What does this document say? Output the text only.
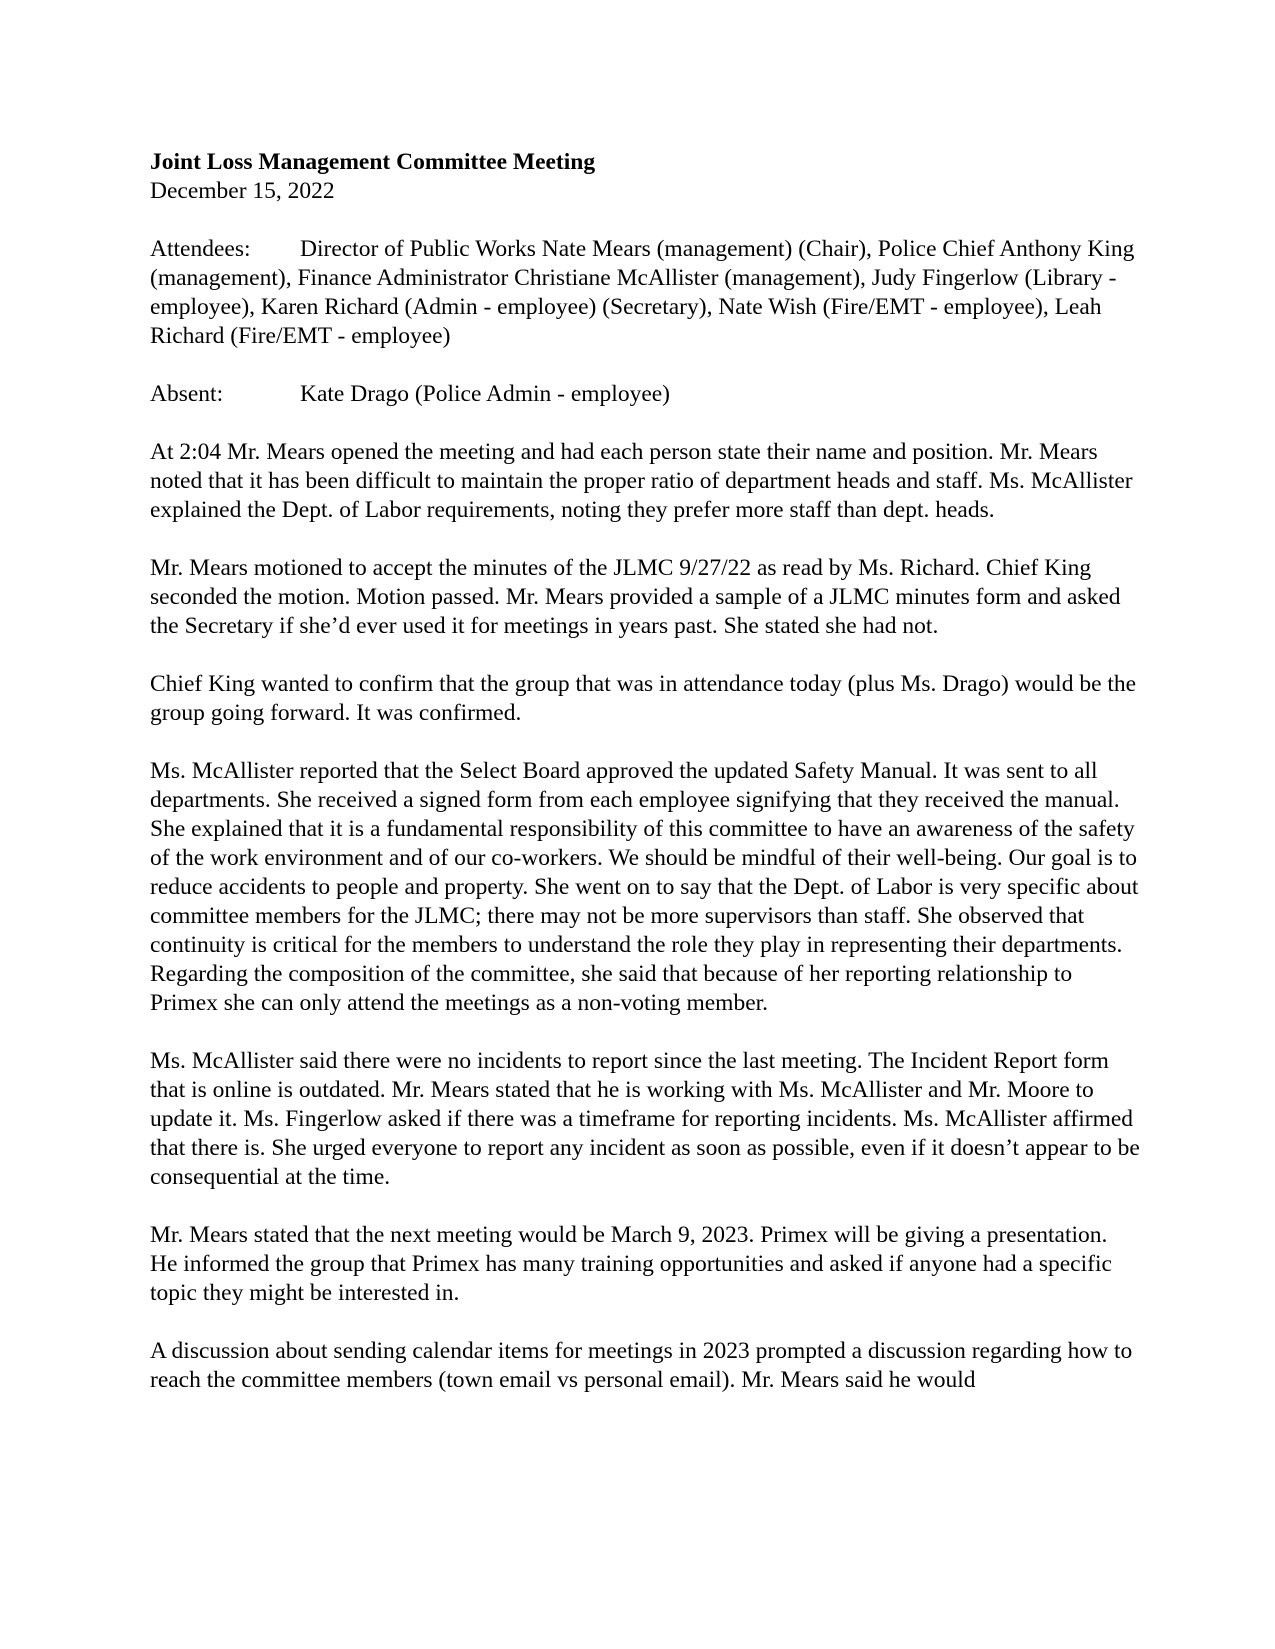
Joint Loss Management Committee Meeting
December 15, 2022
Attendees: Director of Public Works Nate Mears (management) (Chair), Police Chief Anthony King (management), Finance Administrator Christiane McAllister (management), Judy Fingerlow (Library - employee), Karen Richard (Admin - employee) (Secretary), Nate Wish (Fire/EMT - employee), Leah Richard (Fire/EMT - employee)
Absent:	Kate Drago (Police Admin - employee)

At 2:04 Mr. Mears opened the meeting and had each person state their name and position. Mr. Mears noted that it has been difficult to maintain the proper ratio of department heads and staff. Ms. McAllister explained the Dept. of Labor requirements, noting they prefer more staff than dept. heads.

Mr. Mears motioned to accept the minutes of the JLMC 9/27/22 as read by Ms. Richard. Chief King seconded the motion. Motion passed. Mr. Mears provided a sample of a JLMC minutes form and asked the Secretary if she’d ever used it for meetings in years past. She stated she had not.

Chief King wanted to confirm that the group that was in attendance today (plus Ms. Drago) would be the group going forward. It was confirmed.

Ms. McAllister reported that the Select Board approved the updated Safety Manual. It was sent to all departments. She received a signed form from each employee signifying that they received the manual. She explained that it is a fundamental responsibility of this committee to have an awareness of the safety of the work environment and of our co-workers. We should be mindful of their well-being. Our goal is to reduce accidents to people and property. She went on to say that the Dept. of Labor is very specific about committee members for the JLMC; there may not be more supervisors than staff. She observed that continuity is critical for the members to understand the role they play in representing their departments. Regarding the composition of the committee, she said that because of her reporting relationship to Primex she can only attend the meetings as a non-voting member.

Ms. McAllister said there were no incidents to report since the last meeting. The Incident Report form that is online is outdated. Mr. Mears stated that he is working with Ms. McAllister and Mr. Moore to update it. Ms. Fingerlow asked if there was a timeframe for reporting incidents. Ms. McAllister affirmed that there is. She urged everyone to report any incident as soon as possible, even if it doesn’t appear to be consequential at the time.

Mr. Mears stated that the next meeting would be March 9, 2023. Primex will be giving a presentation. He informed the group that Primex has many training opportunities and asked if anyone had a specific topic they might be interested in.

A discussion about sending calendar items for meetings in 2023 prompted a discussion regarding how to reach the committee members (town email vs personal email). Mr. Mears said he would
